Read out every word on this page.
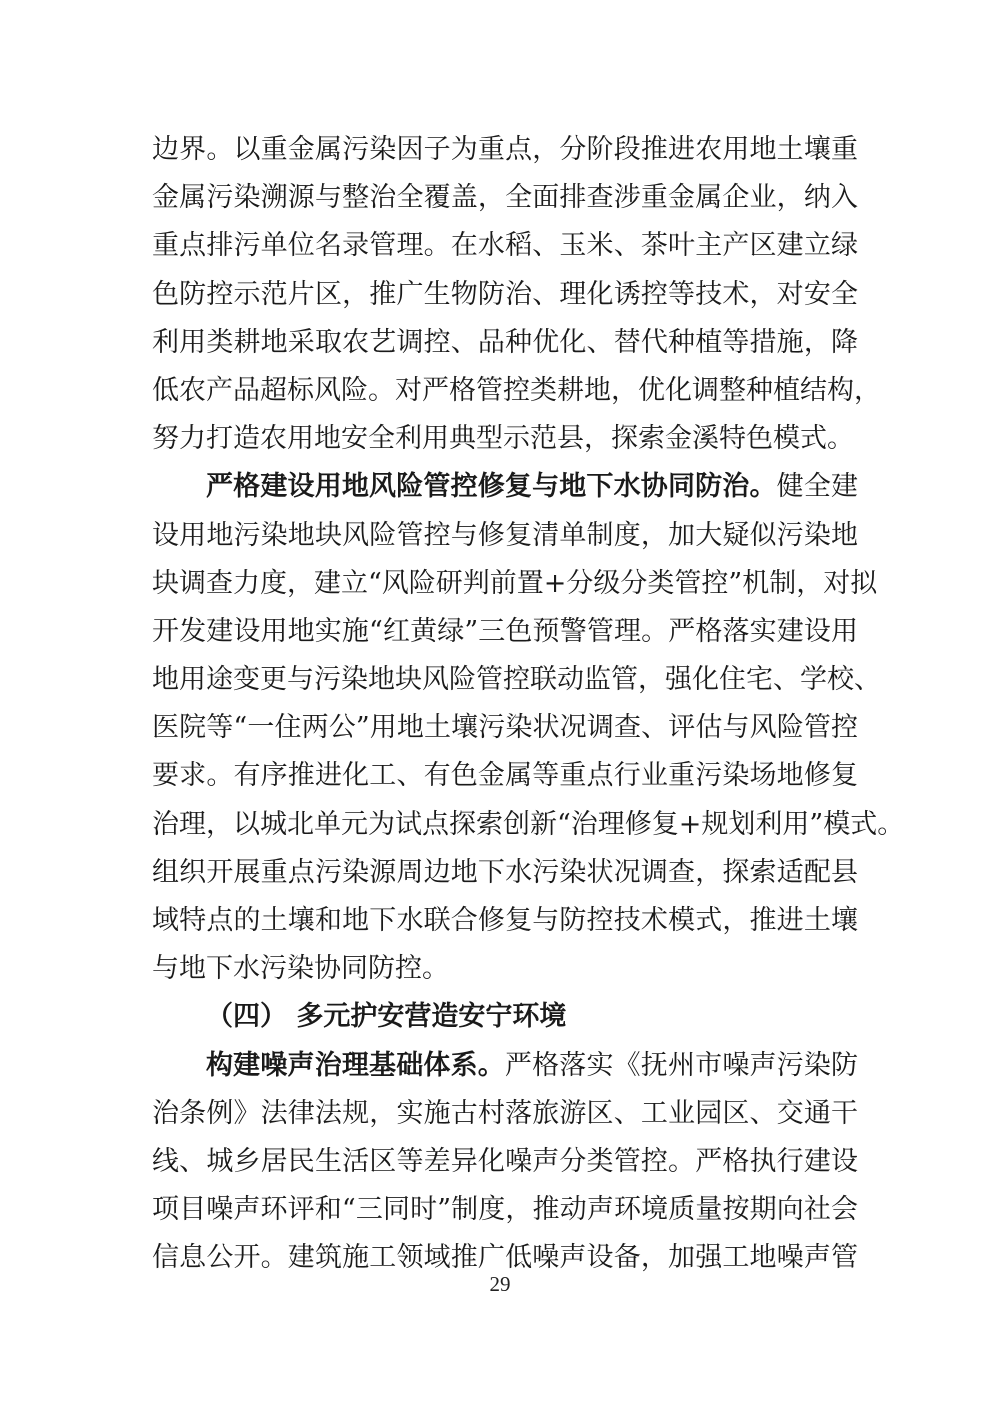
边界。以重金属污染因子为重点，分阶段推进农用地土壤重
金属污染溯源与整治全覆盖，全面排查涉重金属企业，纳入
重点排污单位名录管理。在水稻、玉米、茶叶主产区建立绿
色防控示范片区，推广生物防治、理化诱控等技术，对安全
利用类耕地采取农艺调控、品种优化、替代种植等措施，降
低农产品超标风险。对严格管控类耕地，优化调整种植结构，
努力打造农用地安全利用典型示范县，探索金溪特色模式。
严格建设用地风险管控修复与地下水协同防治。健全建
设用地污染地块风险管控与修复清单制度，加大疑似污染地
块调查力度，建立“风险研判前置+分级分类管控”机制，对拟
开发建设用地实施“红黄绿”三色预警管理。严格落实建设用
地用途变更与污染地块风险管控联动监管，强化住宅、学校、
医院等“一住两公”用地土壤污染状况调查、评估与风险管控
要求。有序推进化工、有色金属等重点行业重污染场地修复
治理，以城北单元为试点探索创新“治理修复+规划利用”模式。
组织开展重点污染源周边地下水污染状况调查，探索适配县
域特点的土壤和地下水联合修复与防控技术模式，推进土壤
与地下水污染协同防控。
（四） 多元护安营造安宁环境
构建噪声治理基础体系。严格落实《抚州市噪声污染防
治条例》法律法规，实施古村落旅游区、工业园区、交通干
线、城乡居民生活区等差异化噪声分类管控。严格执行建设
项目噪声环评和“三同时”制度，推动声环境质量按期向社会
信息公开。建筑施工领域推广低噪声设备，加强工地噪声管
29
